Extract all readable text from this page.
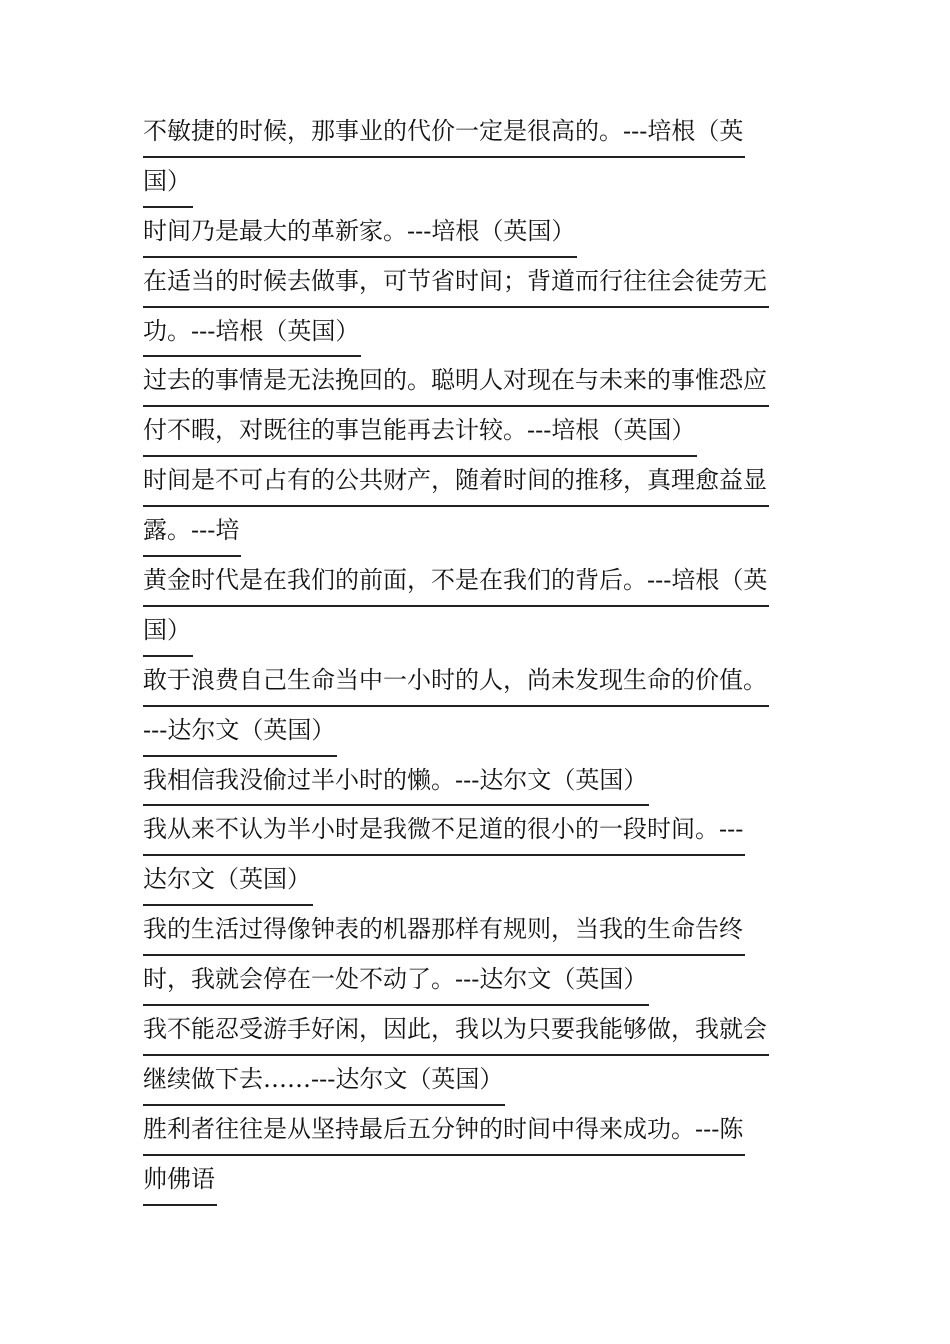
不敏捷的时候，那事业的代价一定是很高的。---培根（英
国）
时间乃是最大的革新家。---培根（英国）
在适当的时候去做事，可节省时间；背道而行往往会徒劳无
功。---培根（英国）
过去的事情是无法挽回的。聪明人对现在与未来的事惟恐应
付不暇，对既往的事岂能再去计较。---培根（英国）
时间是不可占有的公共财产，随着时间的推移，真理愈益显
露。---培
黄金时代是在我们的前面，不是在我们的背后。---培根（英
国）
敢于浪费自己生命当中一小时的人，尚未发现生命的价值。
---达尔文（英国）
我相信我没偷过半小时的懒。---达尔文（英国）
我从来不认为半小时是我微不足道的很小的一段时间。---
达尔文（英国）
我的生活过得像钟表的机器那样有规则，当我的生命告终
时，我就会停在一处不动了。---达尔文（英国）
我不能忍受游手好闲，因此，我以为只要我能够做，我就会
继续做下去……---达尔文（英国）
胜利者往往是从坚持最后五分钟的时间中得来成功。---陈
帅佛语
